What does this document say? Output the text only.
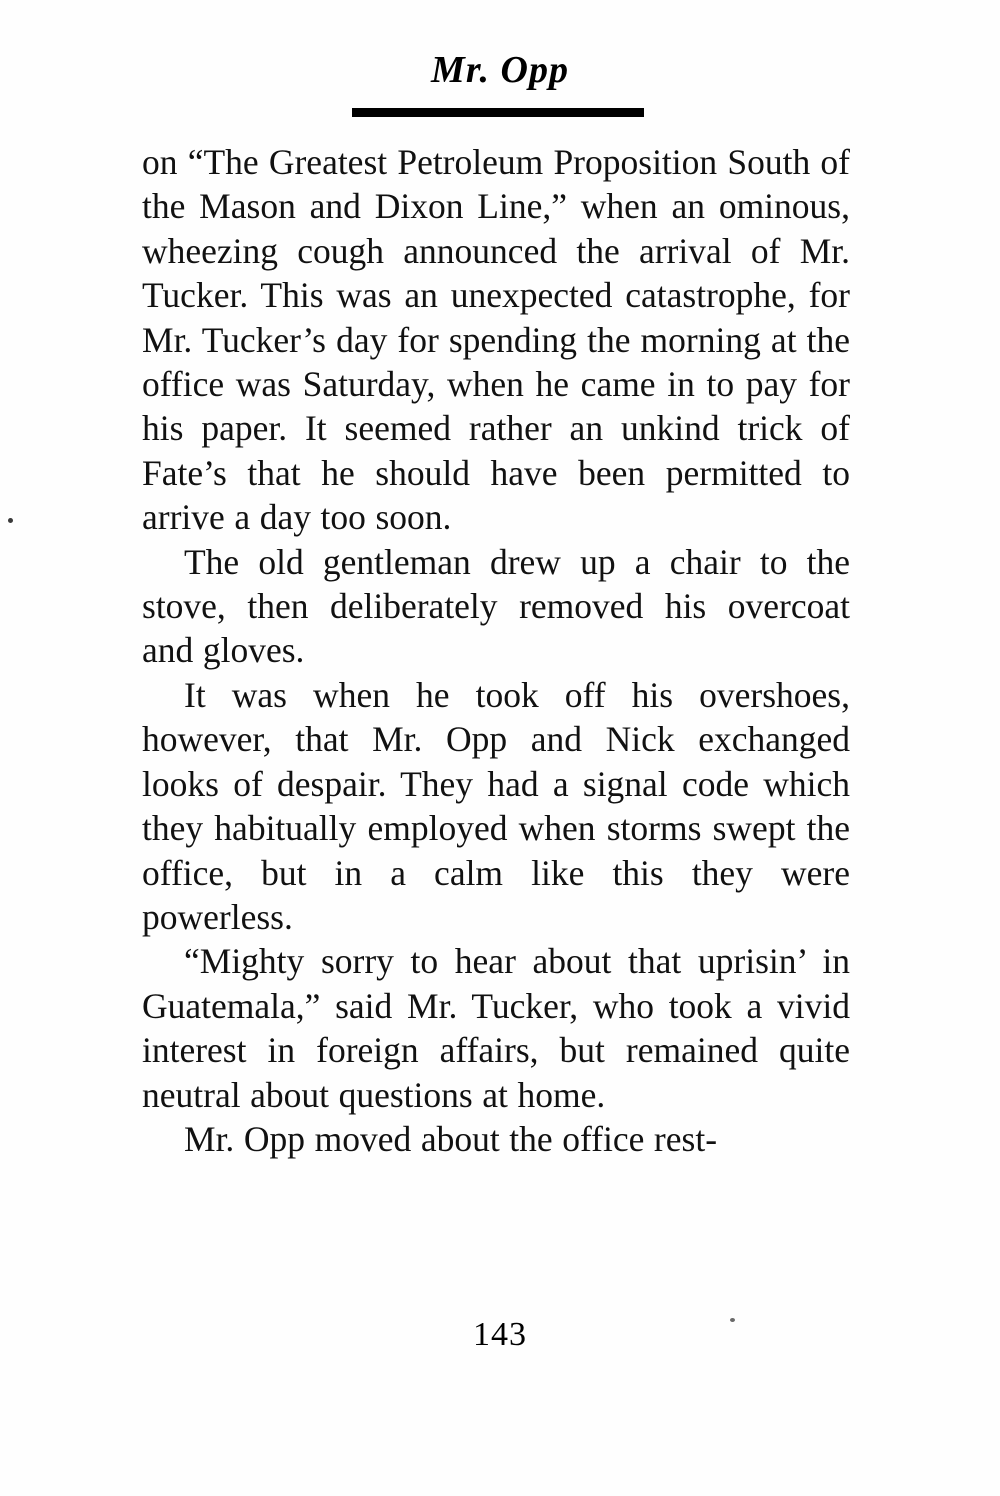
Mr. Opp

on “The Greatest Petroleum Proposition South of the Mason and Dixon Line,” when an ominous, wheezing cough announced the arrival of Mr. Tucker. This was an unexpected catastrophe, for Mr. Tucker’s day for spending the morning at the office was Saturday, when he came in to pay for his paper. It seemed rather an unkind trick of Fate’s that he should have been permitted to arrive a day too soon.

The old gentleman drew up a chair to the stove, then deliberately removed his overcoat and gloves.

It was when he took off his overshoes, however, that Mr. Opp and Nick exchanged looks of despair. They had a signal code which they habitually employed when storms swept the office, but in a calm like this they were powerless.

“Mighty sorry to hear about that uprisin’ in Guatemala,” said Mr. Tucker, who took a vivid interest in foreign affairs, but remained quite neutral about questions at home.

Mr. Opp moved about the office rest-

143
